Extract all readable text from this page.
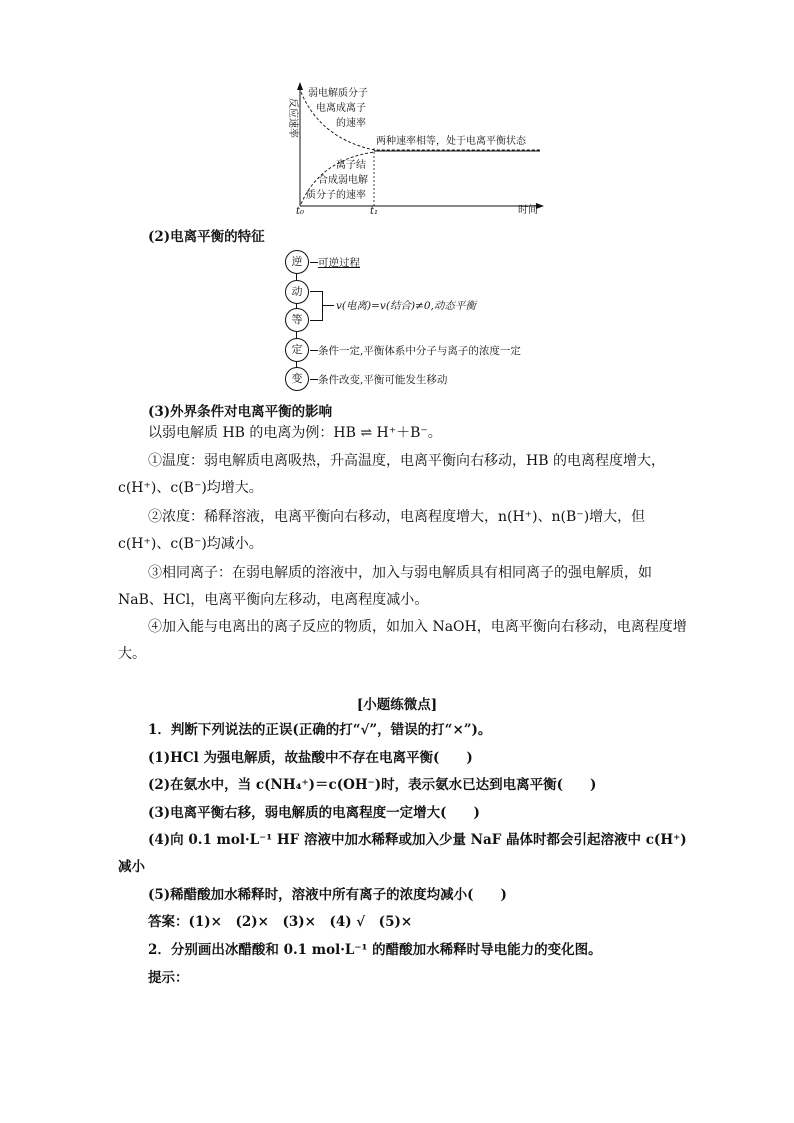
反应速率
t₀	t₁	时间
弱电解质分子
电离成离子
的速率
两种速率相等，处于电离平衡状态
离子结
合成弱电解
质分子的速率
(2)电离平衡的特征
逆
动
等
定
变
可逆过程
v(电离)=v(结合)≠0,动态平衡
条件一定,平衡体系中分子与离子的浓度一定
条件改变,平衡可能发生移动
(3)外界条件对电离平衡的影响
以弱电解质 HB 的电离为例：HB ⇌ H⁺＋B⁻。
①温度：弱电解质电离吸热，升高温度，电离平衡向右移动，HB 的电离程度增大，c(H⁺)、c(B⁻)均增大。
②浓度：稀释溶液，电离平衡向右移动，电离程度增大，n(H⁺)、n(B⁻)增大，但 c(H⁺)、c(B⁻)均减小。
③相同离子：在弱电解质的溶液中，加入与弱电解质具有相同离子的强电解质，如 NaB、HCl，电离平衡向左移动，电离程度减小。
④加入能与电离出的离子反应的物质，如加入 NaOH，电离平衡向右移动，电离程度增大。
[小题练微点]
1．判断下列说法的正误(正确的打“√”，错误的打“×”)。
(1)HCl 为强电解质，故盐酸中不存在电离平衡(　　)
(2)在氨水中，当 c(NH₄⁺)＝c(OH⁻)时，表示氨水已达到电离平衡(　　)
(3)电离平衡右移，弱电解质的电离程度一定增大(　　)
(4)向 0.1 mol·L⁻¹ HF 溶液中加水稀释或加入少量 NaF 晶体时都会引起溶液中 c(H⁺)减小
(5)稀醋酸加水稀释时，溶液中所有离子的浓度均减小(　　)
答案：(1)×　(2)×　(3)×　(4) √　(5)×
2．分别画出冰醋酸和 0.1 mol·L⁻¹ 的醋酸加水稀释时导电能力的变化图。
提示：
